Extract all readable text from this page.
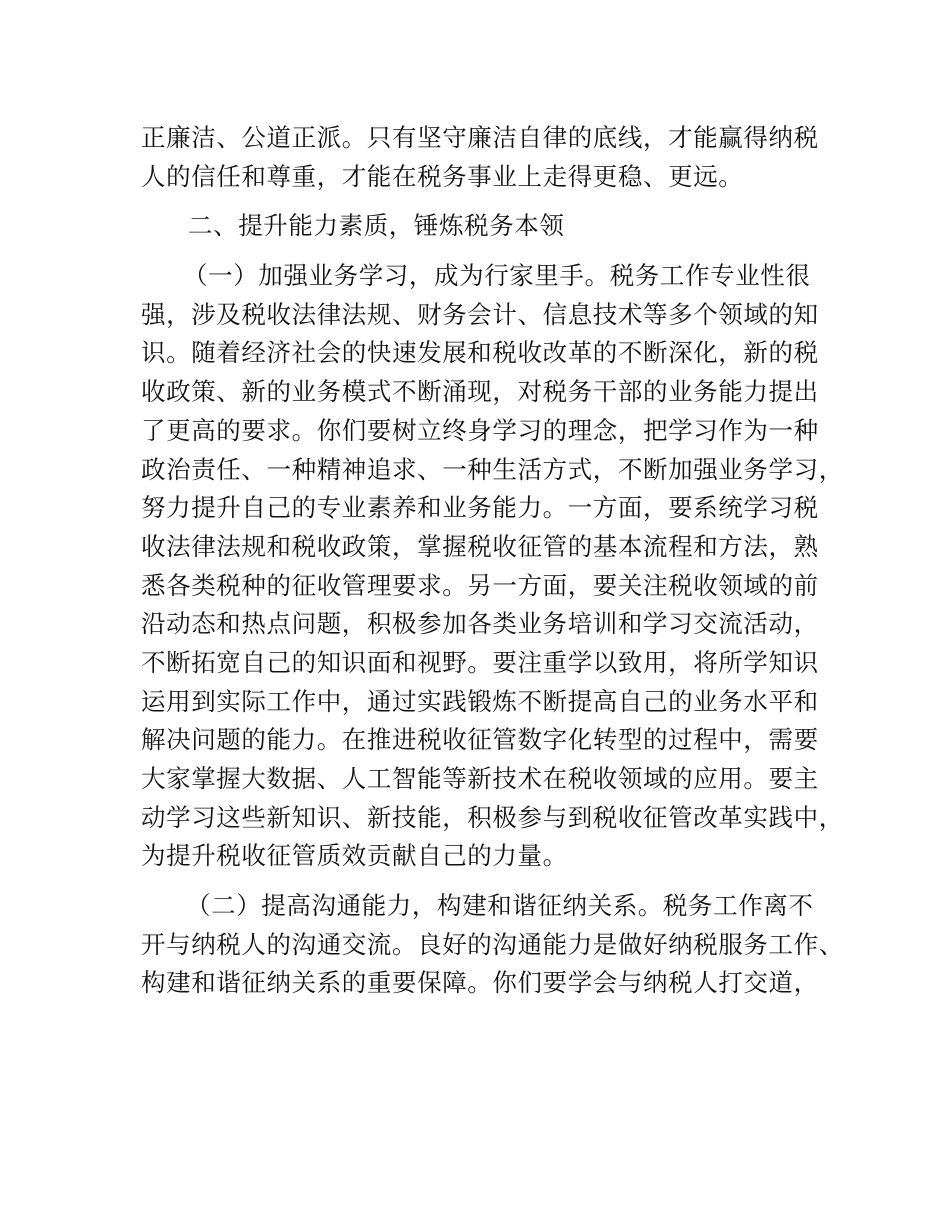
正廉洁、公道正派。只有坚守廉洁自律的底线，才能赢得纳税
人的信任和尊重，才能在税务事业上走得更稳、更远。
二、提升能力素质，锤炼税务本领
（一）加强业务学习，成为行家里手。税务工作专业性很
强，涉及税收法律法规、财务会计、信息技术等多个领域的知
识。随着经济社会的快速发展和税收改革的不断深化，新的税
收政策、新的业务模式不断涌现，对税务干部的业务能力提出
了更高的要求。你们要树立终身学习的理念，把学习作为一种
政治责任、一种精神追求、一种生活方式，不断加强业务学习，
努力提升自己的专业素养和业务能力。一方面，要系统学习税
收法律法规和税收政策，掌握税收征管的基本流程和方法，熟
悉各类税种的征收管理要求。另一方面，要关注税收领域的前
沿动态和热点问题，积极参加各类业务培训和学习交流活动，
不断拓宽自己的知识面和视野。要注重学以致用，将所学知识
运用到实际工作中，通过实践锻炼不断提高自己的业务水平和
解决问题的能力。在推进税收征管数字化转型的过程中，需要
大家掌握大数据、人工智能等新技术在税收领域的应用。要主
动学习这些新知识、新技能，积极参与到税收征管改革实践中，
为提升税收征管质效贡献自己的力量。
（二）提高沟通能力，构建和谐征纳关系。税务工作离不
开与纳税人的沟通交流。良好的沟通能力是做好纳税服务工作、
构建和谐征纳关系的重要保障。你们要学会与纳税人打交道，
